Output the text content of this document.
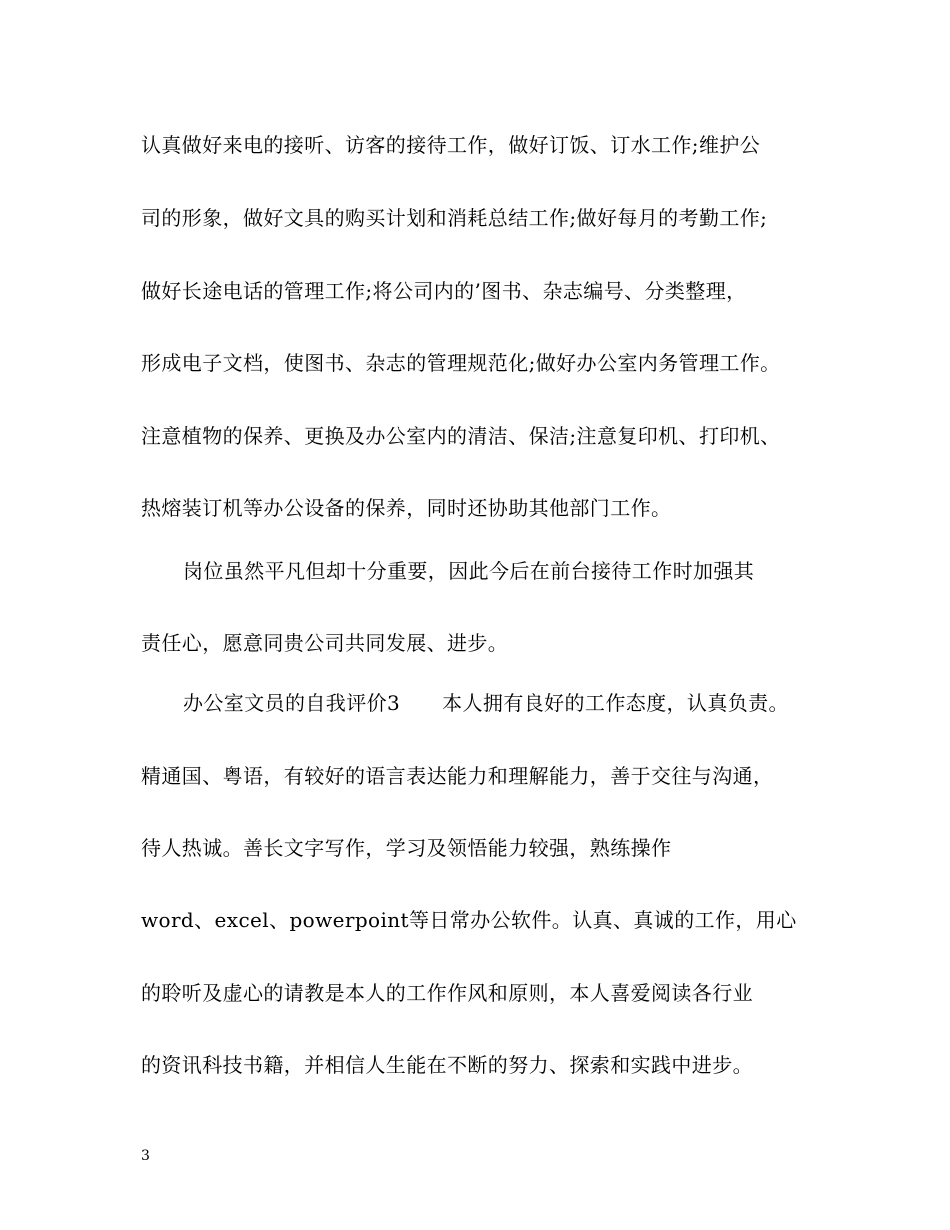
认真做好来电的接听、访客的接待工作，做好订饭、订水工作;维护公
司的形象，做好文具的购买计划和消耗总结工作;做好每月的考勤工作;
做好长途电话的管理工作;将公司内的’图书、杂志编号、分类整理，
形成电子文档，使图书、杂志的管理规范化;做好办公室内务管理工作。
注意植物的保养、更换及办公室内的清洁、保洁;注意复印机、打印机、
热熔装订机等办公设备的保养，同时还协助其他部门工作。
岗位虽然平凡但却十分重要，因此今后在前台接待工作时加强其
责任心，愿意同贵公司共同发展、进步。
办公室文员的自我评价3 本人拥有良好的工作态度，认真负责。
精通国、粤语，有较好的语言表达能力和理解能力，善于交往与沟通，
待人热诚。善长文字写作，学习及领悟能力较强，熟练操作
word、excel、powerpoint等日常办公软件。认真、真诚的工作，用心
的聆听及虚心的请教是本人的工作作风和原则，本人喜爱阅读各行业
的资讯科技书籍，并相信人生能在不断的努力、探索和实践中进步。
3
